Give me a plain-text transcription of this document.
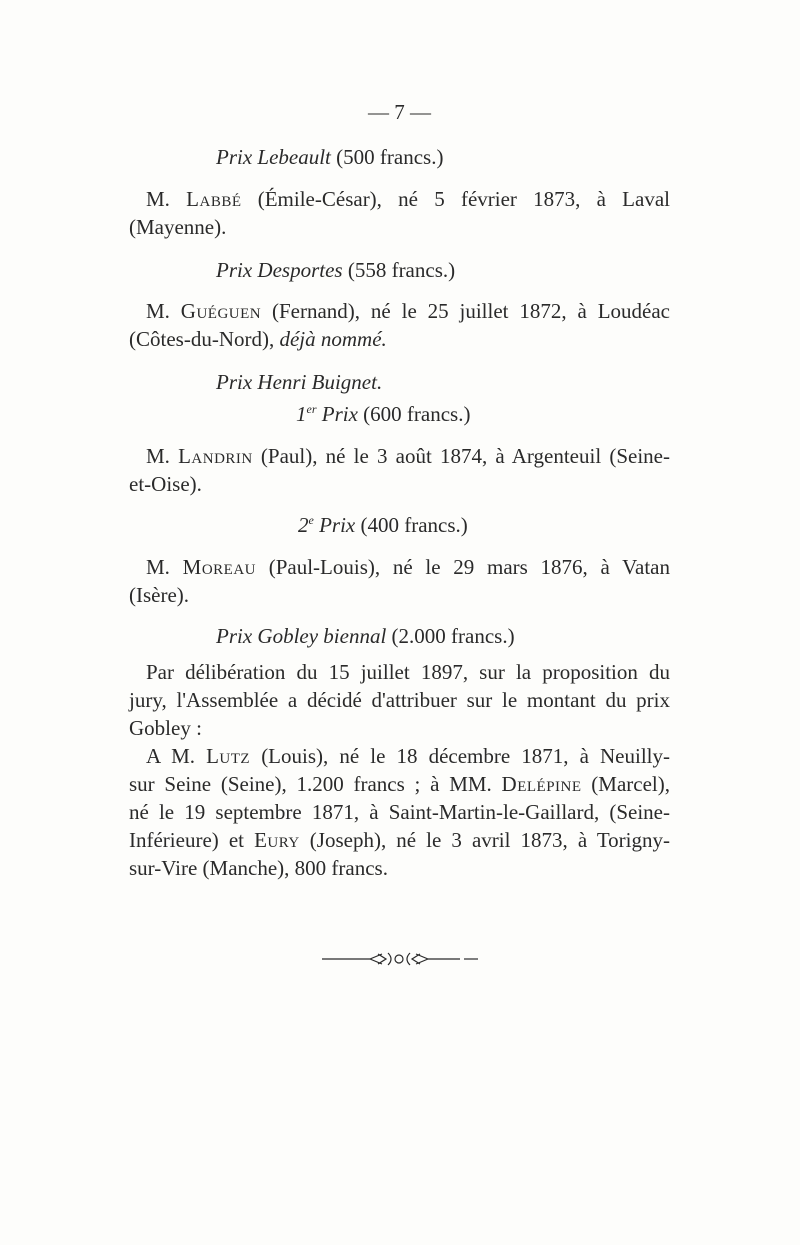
— 7 —
Prix Lebeault (500 francs.)
M. Labbé (Émile-César), né 5 février 1873, à Laval
(Mayenne).
Prix Desportes (558 francs.)
M. Guéguen (Fernand), né le 25 juillet 1872, à Loudéac
(Côtes-du-Nord), déjà nommé.
Prix Henri Buignet.
1er Prix (600 francs.)
M. Landrin (Paul), né le 3 août 1874, à Argenteuil (Seine-
et-Oise).
2e Prix (400 francs.)
M. Moreau (Paul-Louis), né le 29 mars 1876, à Vatan
(Isère).
Prix Gobley biennal (2.000 francs.)
Par délibération du 15 juillet 1897, sur la proposition du
jury, l'Assemblée a décidé d'attribuer sur le montant du prix
Gobley :
A M. Lutz (Louis), né le 18 décembre 1871, à Neuilly-
sur Seine (Seine), 1.200 francs ; à MM. Delépine (Marcel),
né le 19 septembre 1871, à Saint-Martin-le-Gaillard, (Seine-
Inférieure) et Eury (Joseph), né le 3 avril 1873, à Torigny-
sur-Vire (Manche), 800 francs.
